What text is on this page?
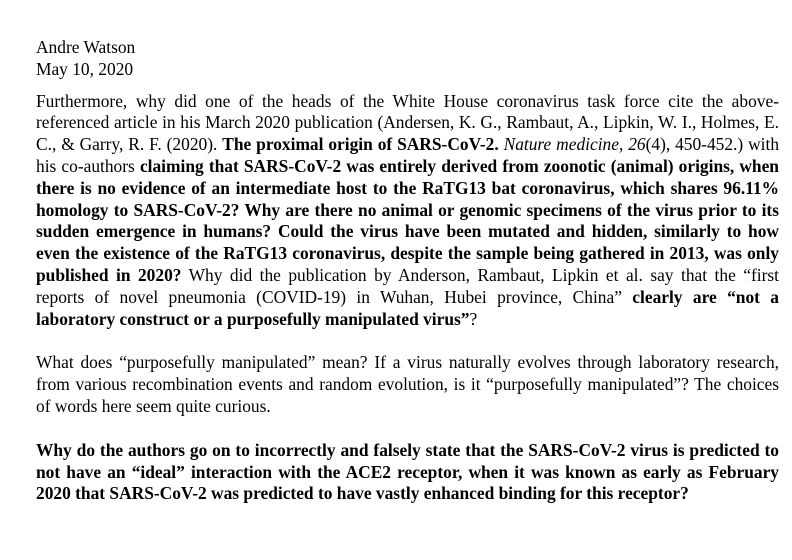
Andre Watson
May 10, 2020

Furthermore, why did one of the heads of the White House coronavirus task force cite the above-referenced article in his March 2020 publication (Andersen, K. G., Rambaut, A., Lipkin, W. I., Holmes, E. C., & Garry, R. F. (2020). The proximal origin of SARS-CoV-2. Nature medicine, 26(4), 450-452.) with his co-authors claiming that SARS-CoV-2 was entirely derived from zoonotic (animal) origins, when there is no evidence of an intermediate host to the RaTG13 bat coronavirus, which shares 96.11% homology to SARS-CoV-2? Why are there no animal or genomic specimens of the virus prior to its sudden emergence in humans? Could the virus have been mutated and hidden, similarly to how even the existence of the RaTG13 coronavirus, despite the sample being gathered in 2013, was only published in 2020? Why did the publication by Anderson, Rambaut, Lipkin et al. say that the “first reports of novel pneumonia (COVID-19) in Wuhan, Hubei province, China” clearly are “not a laboratory construct or a purposefully manipulated virus”?

What does “purposefully manipulated” mean? If a virus naturally evolves through laboratory research, from various recombination events and random evolution, is it “purposefully manipulated”? The choices of words here seem quite curious.

Why do the authors go on to incorrectly and falsely state that the SARS-CoV-2 virus is predicted to not have an “ideal” interaction with the ACE2 receptor, when it was known as early as February 2020 that SARS-CoV-2 was predicted to have vastly enhanced binding for this receptor?
